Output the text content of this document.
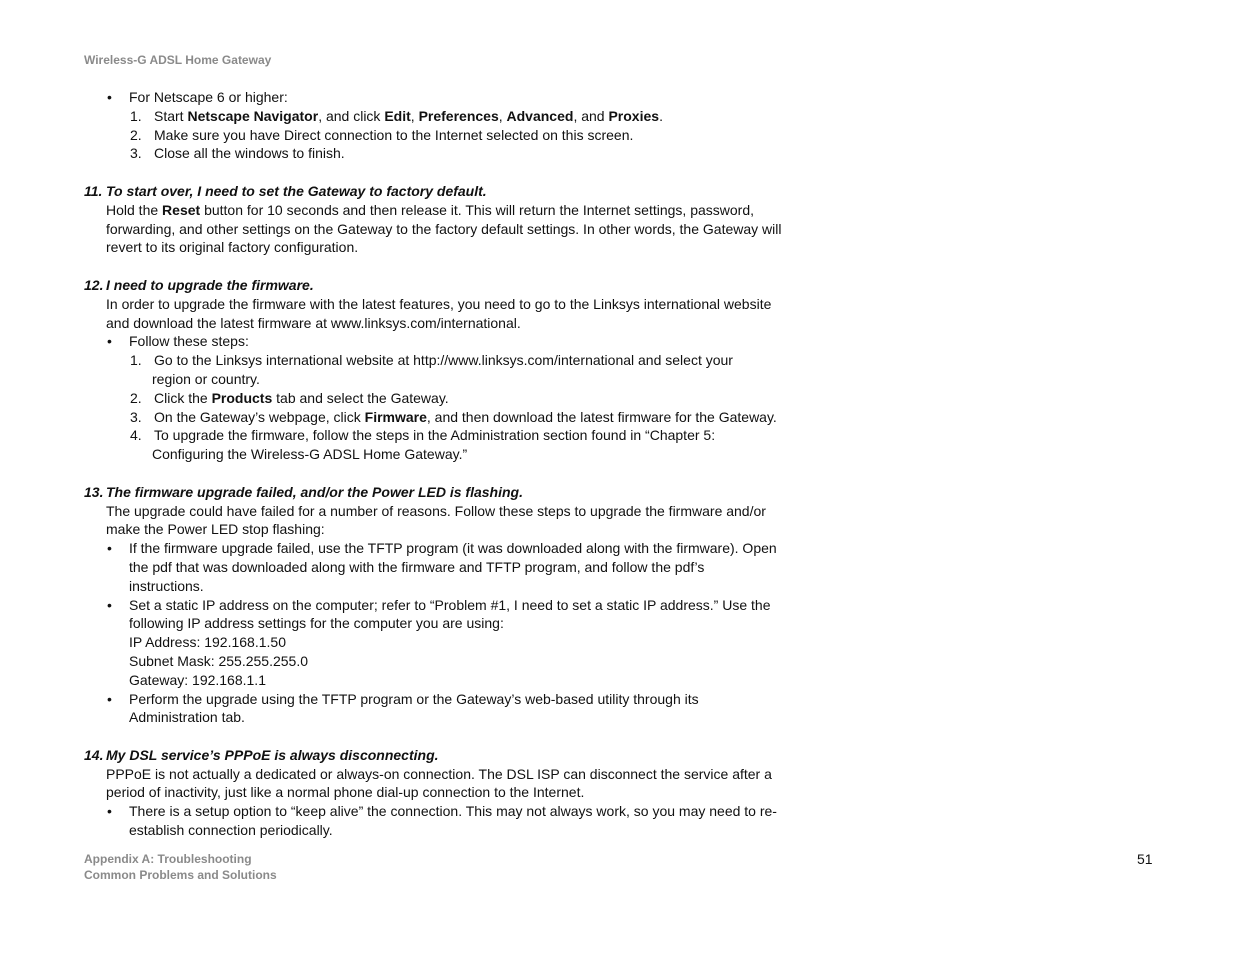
Wireless-G ADSL Home Gateway
• For Netscape 6 or higher:
1. Start Netscape Navigator, and click Edit, Preferences, Advanced, and Proxies.
2. Make sure you have Direct connection to the Internet selected on this screen.
3. Close all the windows to finish.
11. To start over, I need to set the Gateway to factory default.
Hold the Reset button for 10 seconds and then release it. This will return the Internet settings, password,
forwarding, and other settings on the Gateway to the factory default settings. In other words, the Gateway will
revert to its original factory configuration.
12. I need to upgrade the firmware.
In order to upgrade the firmware with the latest features, you need to go to the Linksys international website
and download the latest firmware at www.linksys.com/international.
• Follow these steps:
1. Go to the Linksys international website at http://www.linksys.com/international and select your
region or country.
2. Click the Products tab and select the Gateway.
3. On the Gateway’s webpage, click Firmware, and then download the latest firmware for the Gateway.
4. To upgrade the firmware, follow the steps in the Administration section found in “Chapter 5:
Configuring the Wireless-G ADSL Home Gateway.”
13. The firmware upgrade failed, and/or the Power LED is flashing.
The upgrade could have failed for a number of reasons. Follow these steps to upgrade the firmware and/or
make the Power LED stop flashing:
• If the firmware upgrade failed, use the TFTP program (it was downloaded along with the firmware). Open
the pdf that was downloaded along with the firmware and TFTP program, and follow the pdf’s
instructions.
• Set a static IP address on the computer; refer to “Problem #1, I need to set a static IP address.” Use the
following IP address settings for the computer you are using:
IP Address: 192.168.1.50
Subnet Mask: 255.255.255.0
Gateway: 192.168.1.1
• Perform the upgrade using the TFTP program or the Gateway’s web-based utility through its
Administration tab.
14. My DSL service’s PPPoE is always disconnecting.
PPPoE is not actually a dedicated or always-on connection. The DSL ISP can disconnect the service after a
period of inactivity, just like a normal phone dial-up connection to the Internet.
• There is a setup option to “keep alive” the connection. This may not always work, so you may need to re-
establish connection periodically.
Appendix A: Troubleshooting
Common Problems and Solutions
51
